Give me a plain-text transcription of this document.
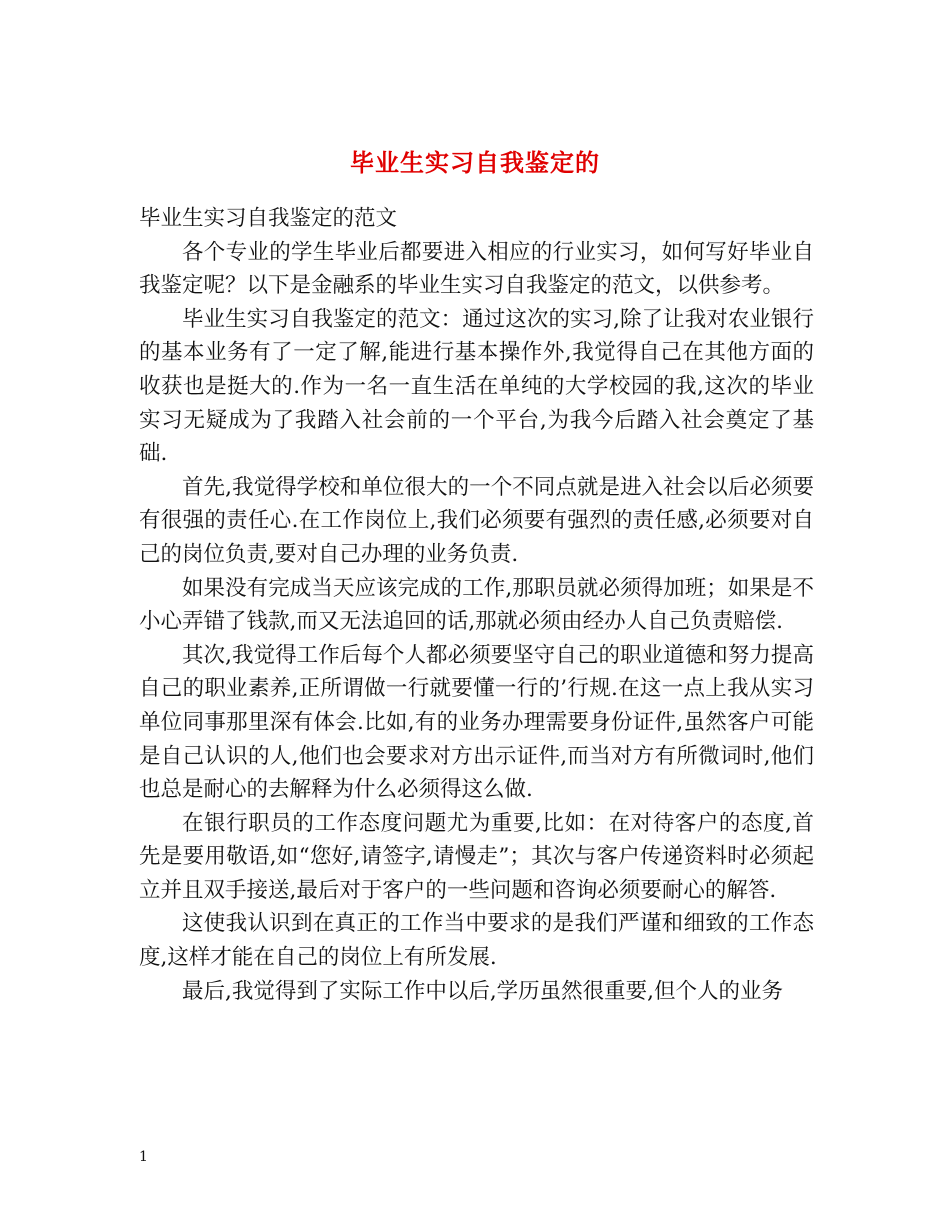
毕业生实习自我鉴定的

毕业生实习自我鉴定的范文

各个专业的学生毕业后都要进入相应的行业实习，如何写好毕业自我鉴定呢？以下是金融系的毕业生实习自我鉴定的范文，以供参考。

毕业生实习自我鉴定的范文：通过这次的实习,除了让我对农业银行的基本业务有了一定了解,能进行基本操作外,我觉得自己在其他方面的收获也是挺大的.作为一名一直生活在单纯的大学校园的我,这次的毕业实习无疑成为了我踏入社会前的一个平台,为我今后踏入社会奠定了基础.

首先,我觉得学校和单位很大的一个不同点就是进入社会以后必须要有很强的责任心.在工作岗位上,我们必须要有强烈的责任感,必须要对自己的岗位负责,要对自己办理的业务负责.

如果没有完成当天应该完成的工作,那职员就必须得加班；如果是不小心弄错了钱款,而又无法追回的话,那就必须由经办人自己负责赔偿.

其次,我觉得工作后每个人都必须要坚守自己的职业道德和努力提高自己的职业素养,正所谓做一行就要懂一行的’行规.在这一点上我从实习单位同事那里深有体会.比如,有的业务办理需要身份证件,虽然客户可能是自己认识的人,他们也会要求对方出示证件,而当对方有所微词时,他们也总是耐心的去解释为什么必须得这么做.

在银行职员的工作态度问题尤为重要,比如：在对待客户的态度,首先是要用敬语,如“您好,请签字,请慢走”；其次与客户传递资料时必须起立并且双手接送,最后对于客户的一些问题和咨询必须要耐心的解答.

这使我认识到在真正的工作当中要求的是我们严谨和细致的工作态度,这样才能在自己的岗位上有所发展.

最后,我觉得到了实际工作中以后,学历虽然很重要,但个人的业务

1
